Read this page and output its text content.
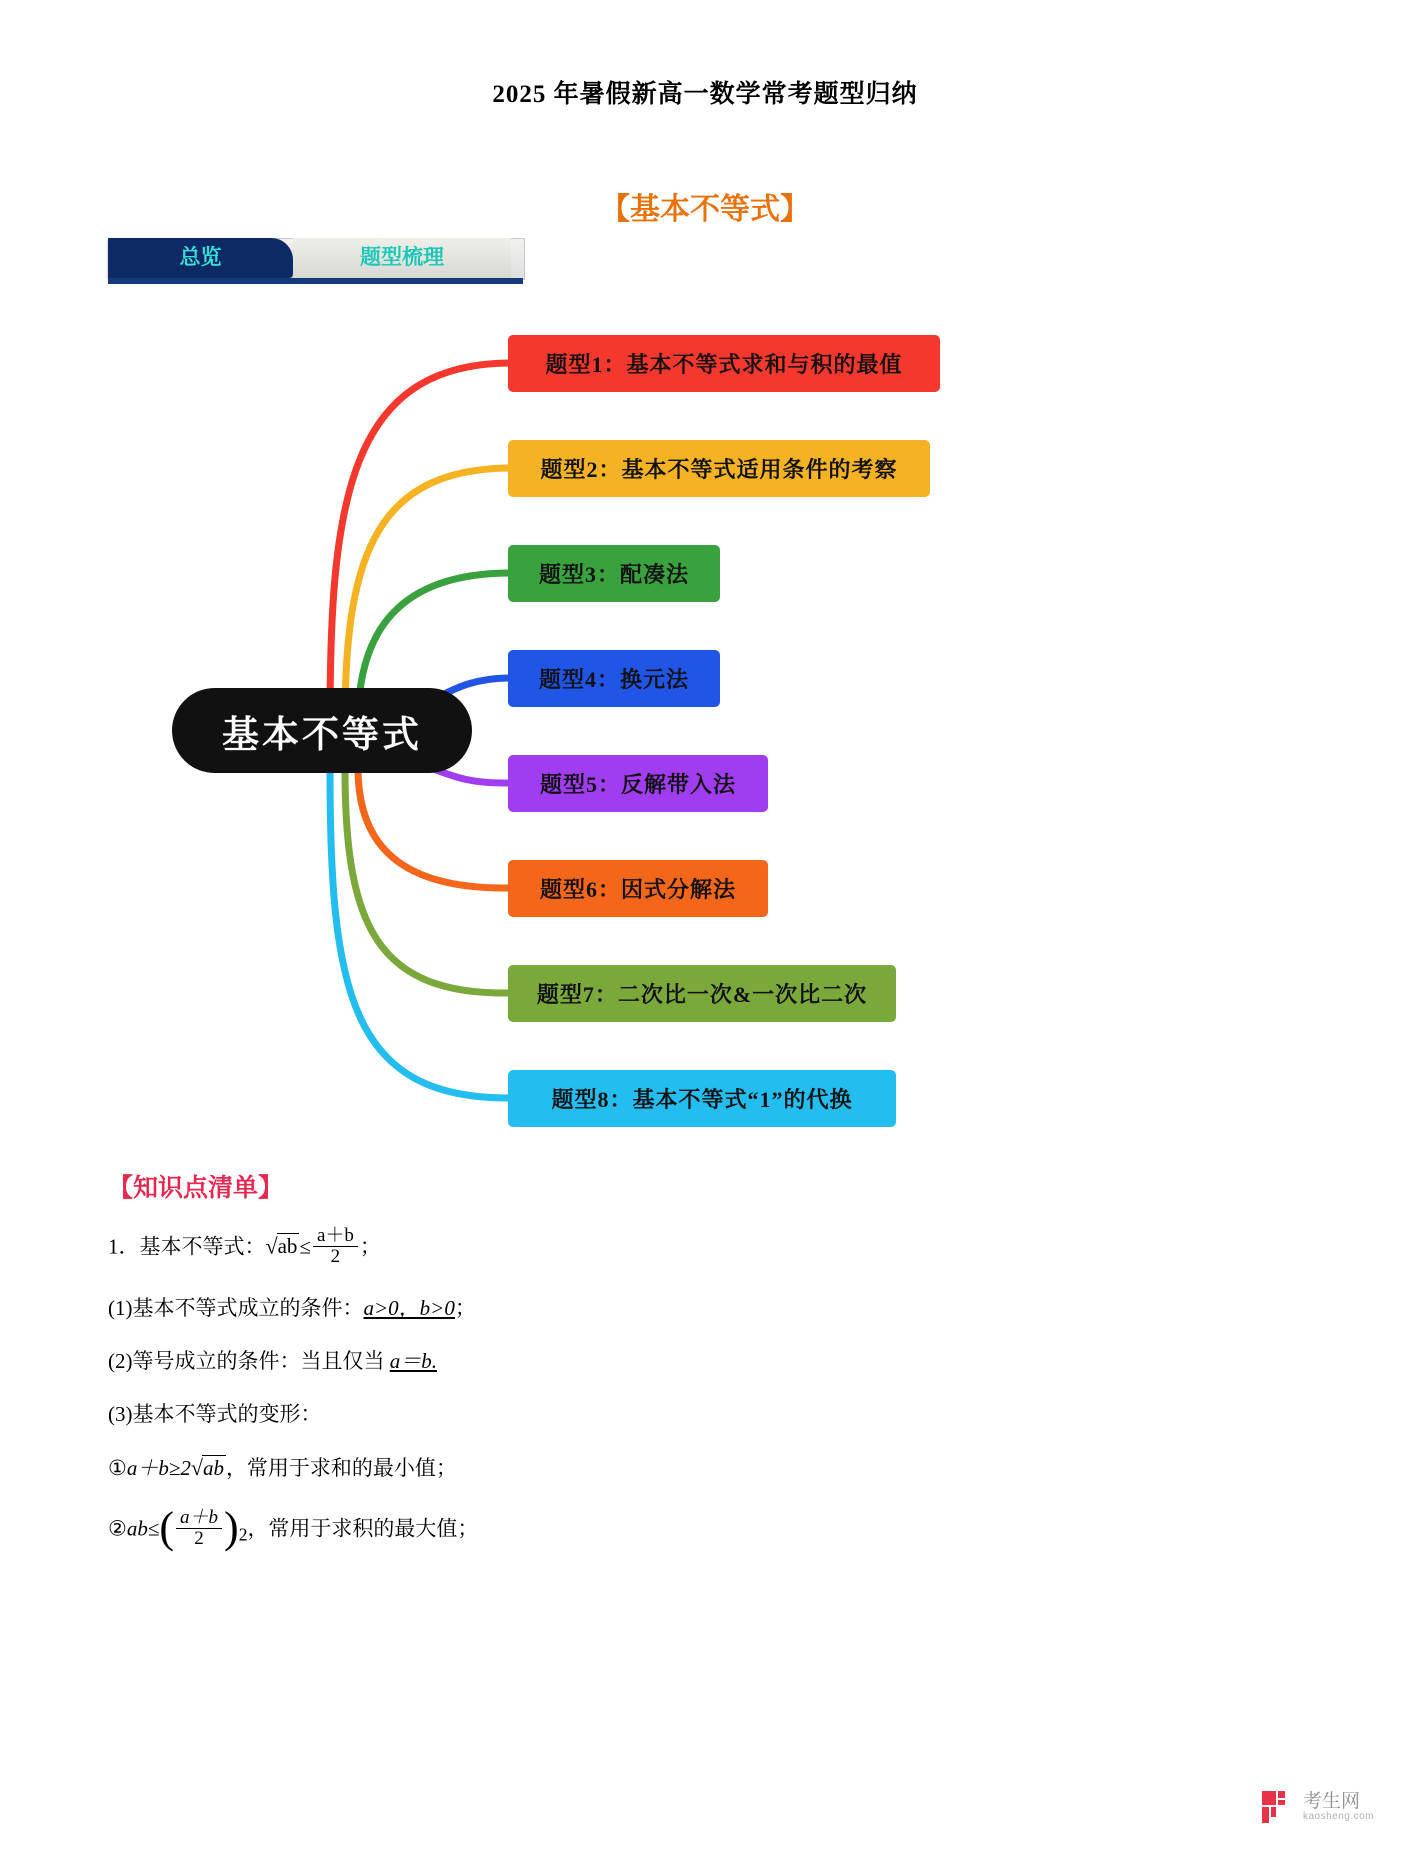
2025 年暑假新高一数学常考题型归纳
【基本不等式】
总览	题型梳理
基本不等式
题型1：基本不等式求和与积的最值
题型2：基本不等式适用条件的考察
题型3：配凑法
题型4：换元法
题型5：反解带入法
题型6：因式分解法
题型7：二次比一次&一次比二次
题型8：基本不等式“1”的代换
【知识点清单】
1．基本不等式：$√ab\le \frac{a+b}{2}$ ；
(1)基本不等式成立的条件：a>0，b>0；
(2)等号成立的条件：当且仅当 a＝b.
(3)基本不等式的变形：
①a＋b≥2√ab，常用于求和的最小值；
②ab≤( $\frac{a+b}{2} )_2$，常用于求积的最大值；
考生网
kaosheng.com
